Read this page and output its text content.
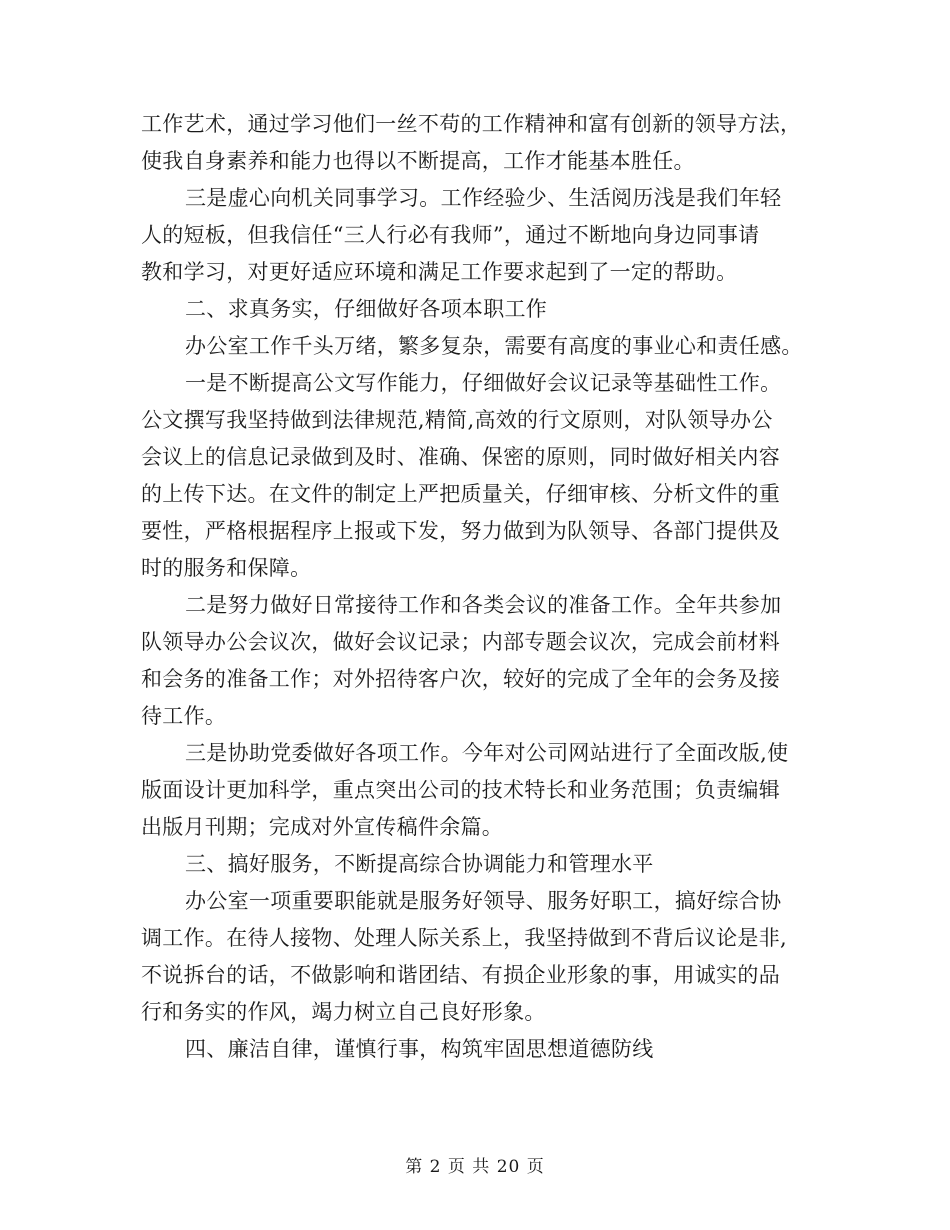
工作艺术，通过学习他们一丝不苟的工作精神和富有创新的领导方法，
使我自身素养和能力也得以不断提高，工作才能基本胜任。
三是虚心向机关同事学习。工作经验少、生活阅历浅是我们年轻
人的短板，但我信任“三人行必有我师”，通过不断地向身边同事请
教和学习，对更好适应环境和满足工作要求起到了一定的帮助。
二、求真务实，仔细做好各项本职工作
办公室工作千头万绪，繁多复杂，需要有高度的事业心和责任感。
一是不断提高公文写作能力，仔细做好会议记录等基础性工作。
公文撰写我坚持做到法律规范,精简,高效的行文原则，对队领导办公
会议上的信息记录做到及时、准确、保密的原则，同时做好相关内容
的上传下达。在文件的制定上严把质量关，仔细审核、分析文件的重
要性，严格根据程序上报或下发，努力做到为队领导、各部门提供及
时的服务和保障。
二是努力做好日常接待工作和各类会议的准备工作。全年共参加
队领导办公会议次，做好会议记录；内部专题会议次，完成会前材料
和会务的准备工作；对外招待客户次，较好的完成了全年的会务及接
待工作。
三是协助党委做好各项工作。今年对公司网站进行了全面改版,使
版面设计更加科学，重点突出公司的技术特长和业务范围；负责编辑
出版月刊期；完成对外宣传稿件余篇。
三、搞好服务，不断提高综合协调能力和管理水平
办公室一项重要职能就是服务好领导、服务好职工，搞好综合协
调工作。在待人接物、处理人际关系上，我坚持做到不背后议论是非,
不说拆台的话，不做影响和谐团结、有损企业形象的事，用诚实的品
行和务实的作风，竭力树立自己良好形象。
四、廉洁自律，谨慎行事，构筑牢固思想道德防线
第 2 页 共 20 页
